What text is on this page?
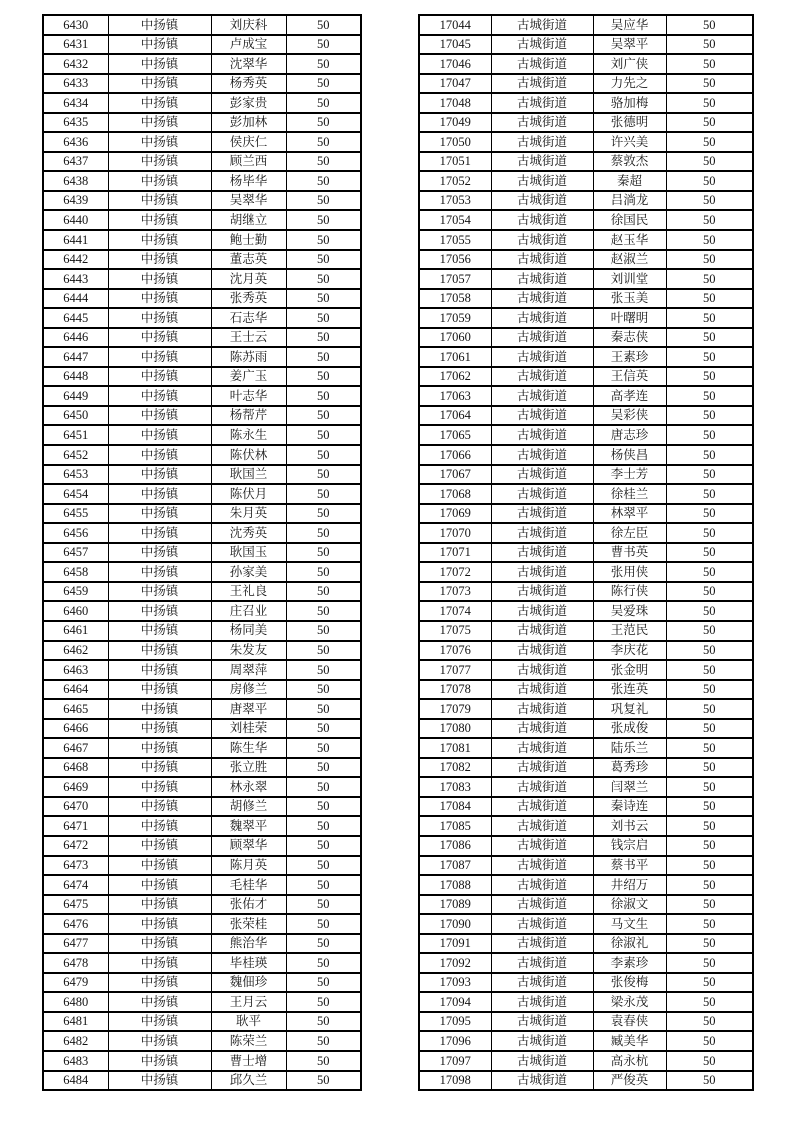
6430	中扬镇	刘庆科	50
6431	中扬镇	卢成宝	50
6432	中扬镇	沈翠华	50
6433	中扬镇	杨秀英	50
6434	中扬镇	彭家贵	50
6435	中扬镇	彭加林	50
6436	中扬镇	侯庆仁	50
6437	中扬镇	顾兰西	50
6438	中扬镇	杨毕华	50
6439	中扬镇	吴翠华	50
6440	中扬镇	胡继立	50
6441	中扬镇	鲍士勤	50
6442	中扬镇	董志英	50
6443	中扬镇	沈月英	50
6444	中扬镇	张秀英	50
6445	中扬镇	石志华	50
6446	中扬镇	王士云	50
6447	中扬镇	陈苏雨	50
6448	中扬镇	姜广玉	50
6449	中扬镇	叶志华	50
6450	中扬镇	杨帮芹	50
6451	中扬镇	陈永生	50
6452	中扬镇	陈伏林	50
6453	中扬镇	耿国兰	50
6454	中扬镇	陈伏月	50
6455	中扬镇	朱月英	50
6456	中扬镇	沈秀英	50
6457	中扬镇	耿国玉	50
6458	中扬镇	孙家美	50
6459	中扬镇	王礼良	50
6460	中扬镇	庄召业	50
6461	中扬镇	杨同美	50
6462	中扬镇	朱发友	50
6463	中扬镇	周翠萍	50
6464	中扬镇	房修兰	50
6465	中扬镇	唐翠平	50
6466	中扬镇	刘桂荣	50
6467	中扬镇	陈生华	50
6468	中扬镇	张立胜	50
6469	中扬镇	林永翠	50
6470	中扬镇	胡修兰	50
6471	中扬镇	魏翠平	50
6472	中扬镇	顾翠华	50
6473	中扬镇	陈月英	50
6474	中扬镇	毛桂华	50
6475	中扬镇	张佑才	50
6476	中扬镇	张荣桂	50
6477	中扬镇	熊治华	50
6478	中扬镇	毕桂瑛	50
6479	中扬镇	魏佃珍	50
6480	中扬镇	王月云	50
6481	中扬镇	耿平	50
6482	中扬镇	陈荣兰	50
6483	中扬镇	曹士增	50
6484	中扬镇	邱久兰	50
17044	古城街道	吴应华	50
17045	古城街道	吴翠平	50
17046	古城街道	刘广侠	50
17047	古城街道	力先之	50
17048	古城街道	骆加梅	50
17049	古城街道	张德明	50
17050	古城街道	许兴美	50
17051	古城街道	蔡敦杰	50
17052	古城街道	秦超	50
17053	古城街道	吕淌龙	50
17054	古城街道	徐国民	50
17055	古城街道	赵玉华	50
17056	古城街道	赵淑兰	50
17057	古城街道	刘训堂	50
17058	古城街道	张玉美	50
17059	古城街道	叶曙明	50
17060	古城街道	秦志侠	50
17061	古城街道	王素珍	50
17062	古城街道	王信英	50
17063	古城街道	高孝连	50
17064	古城街道	吴彩侠	50
17065	古城街道	唐志珍	50
17066	古城街道	杨侠昌	50
17067	古城街道	李士芳	50
17068	古城街道	徐桂兰	50
17069	古城街道	林翠平	50
17070	古城街道	徐左臣	50
17071	古城街道	曹书英	50
17072	古城街道	张用侠	50
17073	古城街道	陈行侠	50
17074	古城街道	吴爱珠	50
17075	古城街道	王范民	50
17076	古城街道	李庆花	50
17077	古城街道	张金明	50
17078	古城街道	张连英	50
17079	古城街道	巩复礼	50
17080	古城街道	张成俊	50
17081	古城街道	陆乐兰	50
17082	古城街道	葛秀珍	50
17083	古城街道	闫翠兰	50
17084	古城街道	秦诗连	50
17085	古城街道	刘书云	50
17086	古城街道	钱宗启	50
17087	古城街道	蔡书平	50
17088	古城街道	井绍万	50
17089	古城街道	徐淑文	50
17090	古城街道	马文生	50
17091	古城街道	徐淑礼	50
17092	古城街道	李素珍	50
17093	古城街道	张俊梅	50
17094	古城街道	梁永茂	50
17095	古城街道	袁春侠	50
17096	古城街道	臧美华	50
17097	古城街道	高永杭	50
17098	古城街道	严俊英	50
